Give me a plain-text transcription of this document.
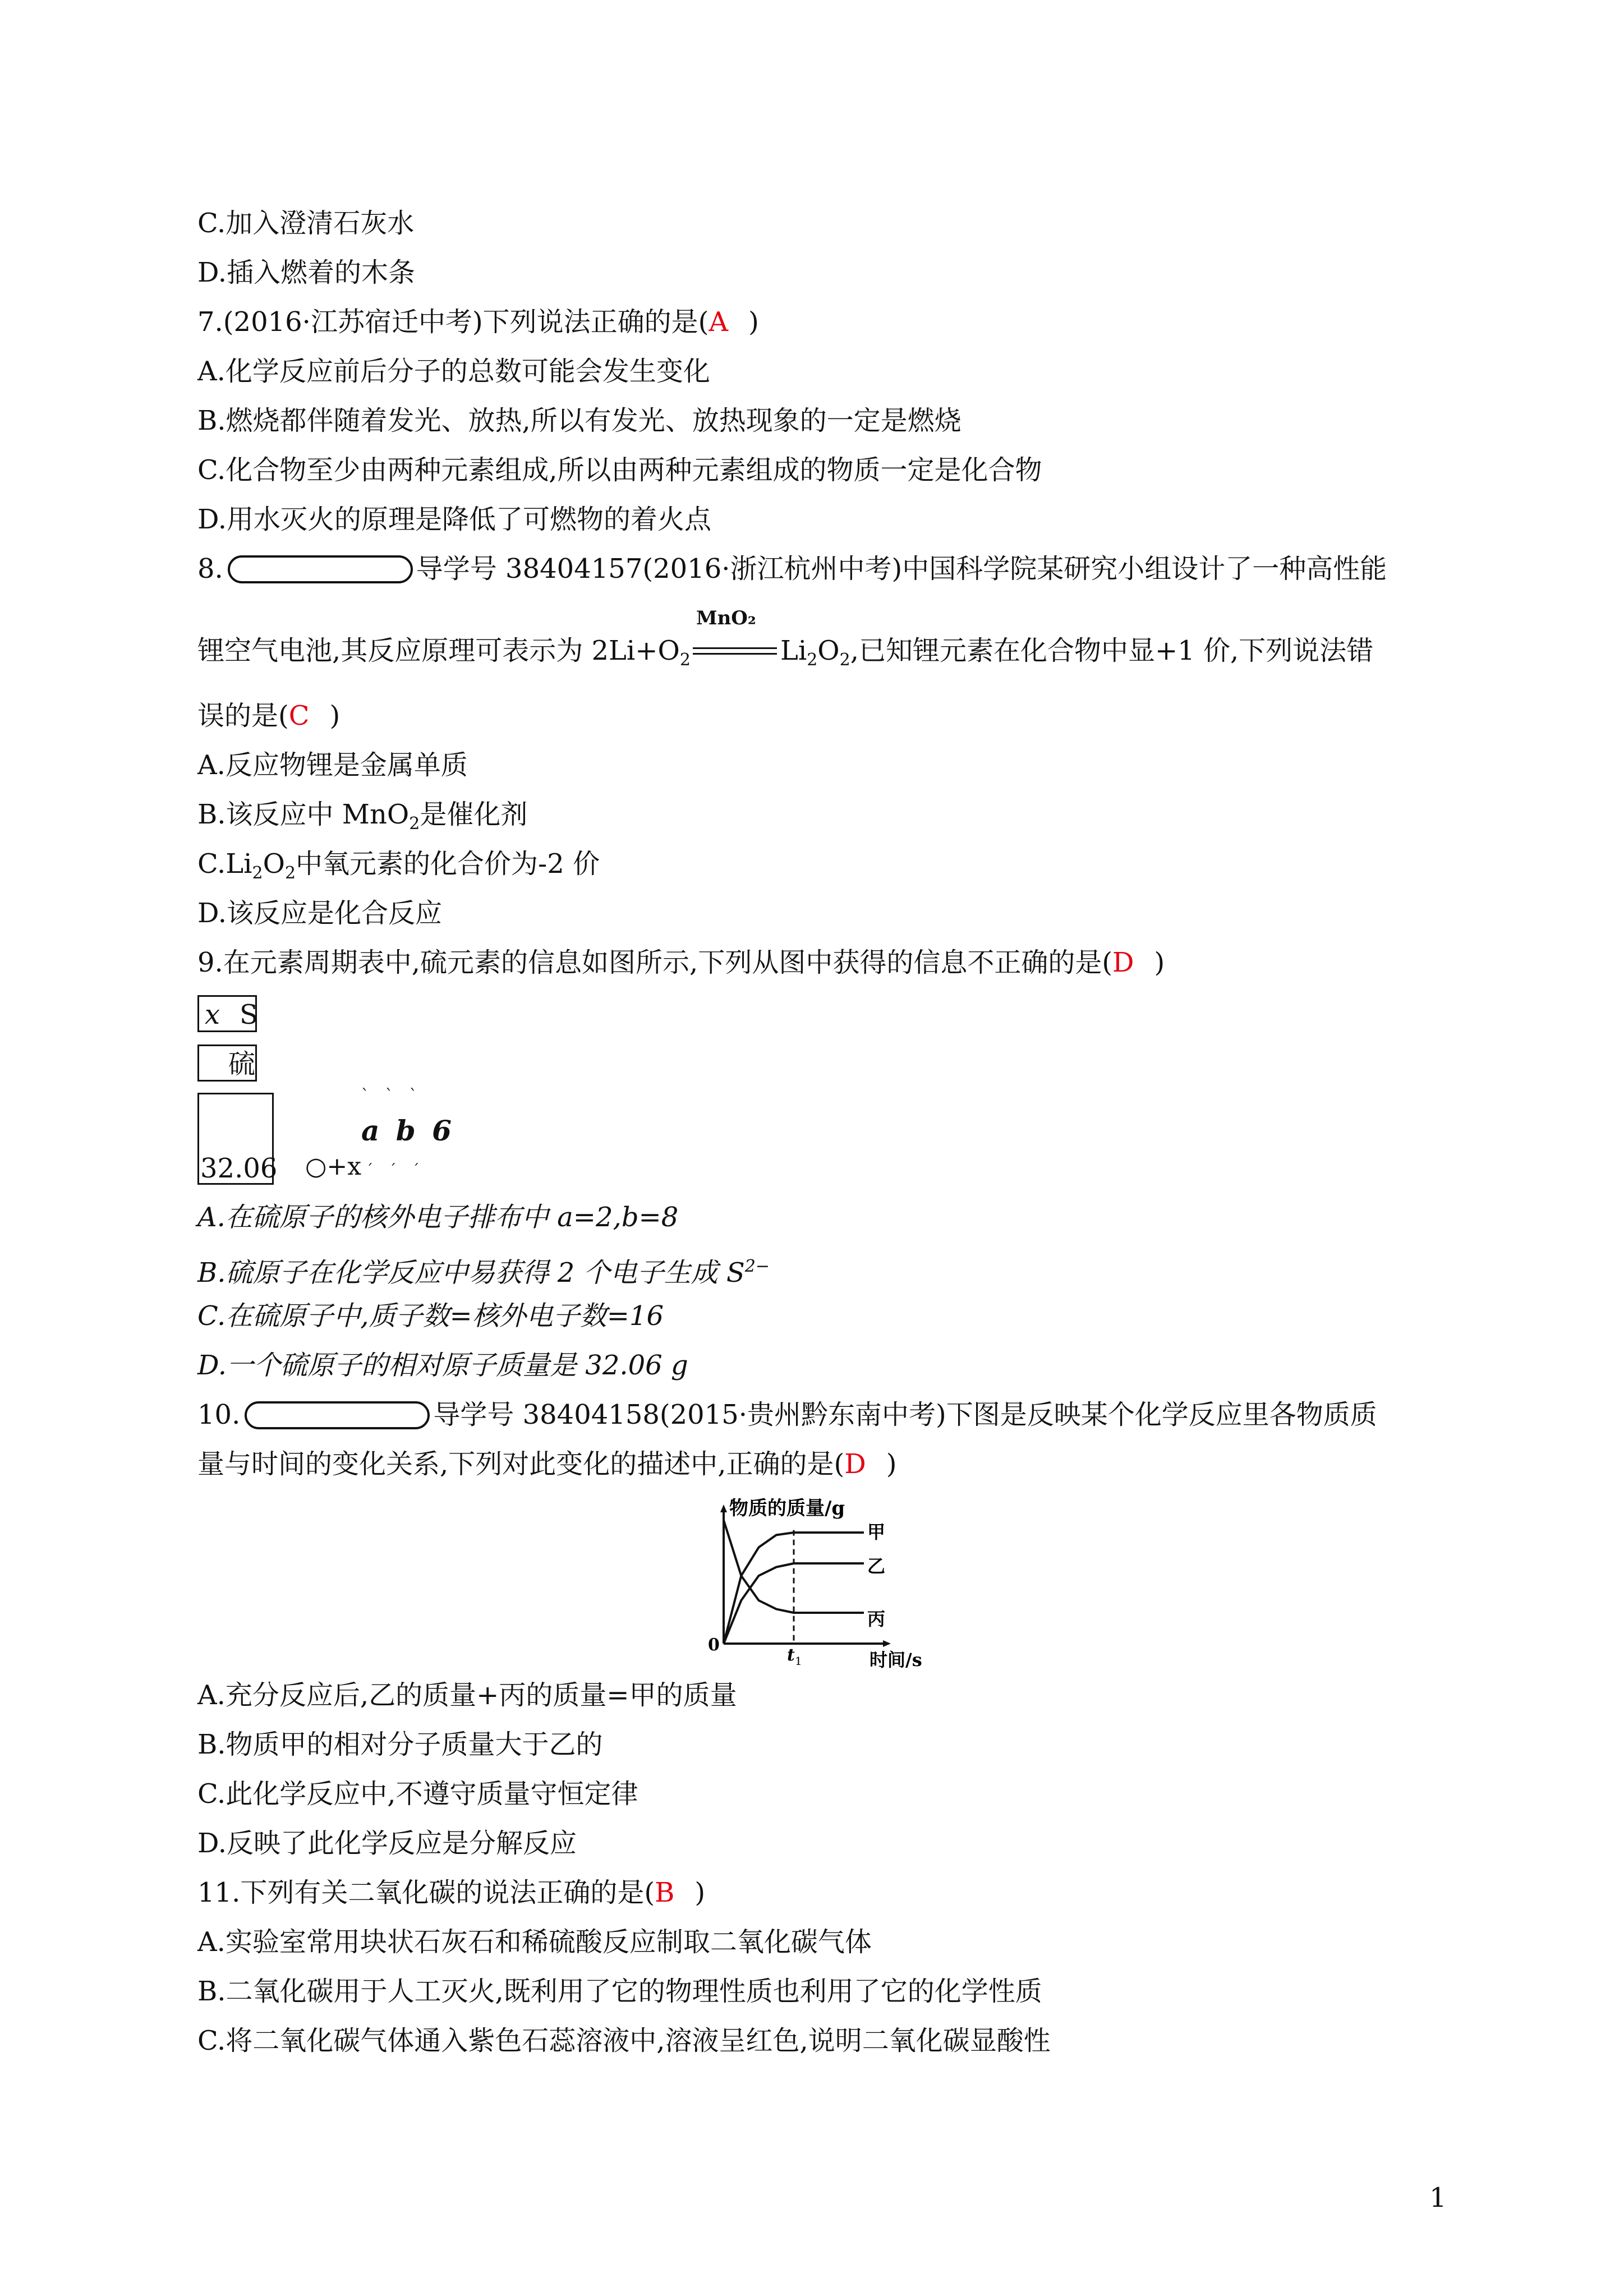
C.加入澄清石灰水
D.插入燃着的木条
7.(2016·江苏宿迁中考)下列说法正确的是(A )
A.化学反应前后分子的总数可能会发生变化
B.燃烧都伴随着发光、放热,所以有发光、放热现象的一定是燃烧
C.化合物至少由两种元素组成,所以由两种元素组成的物质一定是化合物
D.用水灭火的原理是降低了可燃物的着火点
8.	导学号 38404157(2016·浙江杭州中考)中国科学院某研究小组设计了一种高性能
锂空气电池,其反应原理可表示为 $2Li+O_2$
MnO₂
$Li_2O_2$,已知锂元素在化合物中显+1 价,下列说法错
误的是(C )
A.反应物锂是金属单质
B.该反应中 MnO$_2$是催化剂
$C.Li_2O_2$中氧元素的化合价为-2 价
D.该反应是化合反应
9.在元素周期表中,硫元素的信息如图所示,下列从图中获得的信息不正确的是(D )
x S
硫
32.06
` ` `
a b 6
○+x ˊ ˊ ˊ
A.在硫原子的核外电子排布中 a=2,b=8
B.硫原子在化学反应中易获得 2 个电子生成 $S^{2-}$
C.在硫原子中,质子数=核外电子数=16
D.一个硫原子的相对原子质量是 32.06 g
10.	导学号 38404158(2015·贵州黔东南中考)下图是反映某个化学反应里各物质质
量与时间的变化关系,下列对此变化的描述中,正确的是(D )
物质的质量/g
0
时间/s
t 1
甲
乙
丙
A.充分反应后,乙的质量+丙的质量=甲的质量
B.物质甲的相对分子质量大于乙的
C.此化学反应中,不遵守质量守恒定律
D.反映了此化学反应是分解反应
11.下列有关二氧化碳的说法正确的是(B )
A.实验室常用块状石灰石和稀硫酸反应制取二氧化碳气体
B.二氧化碳用于人工灭火,既利用了它的物理性质也利用了它的化学性质
C.将二氧化碳气体通入紫色石蕊溶液中,溶液呈红色,说明二氧化碳显酸性
1
